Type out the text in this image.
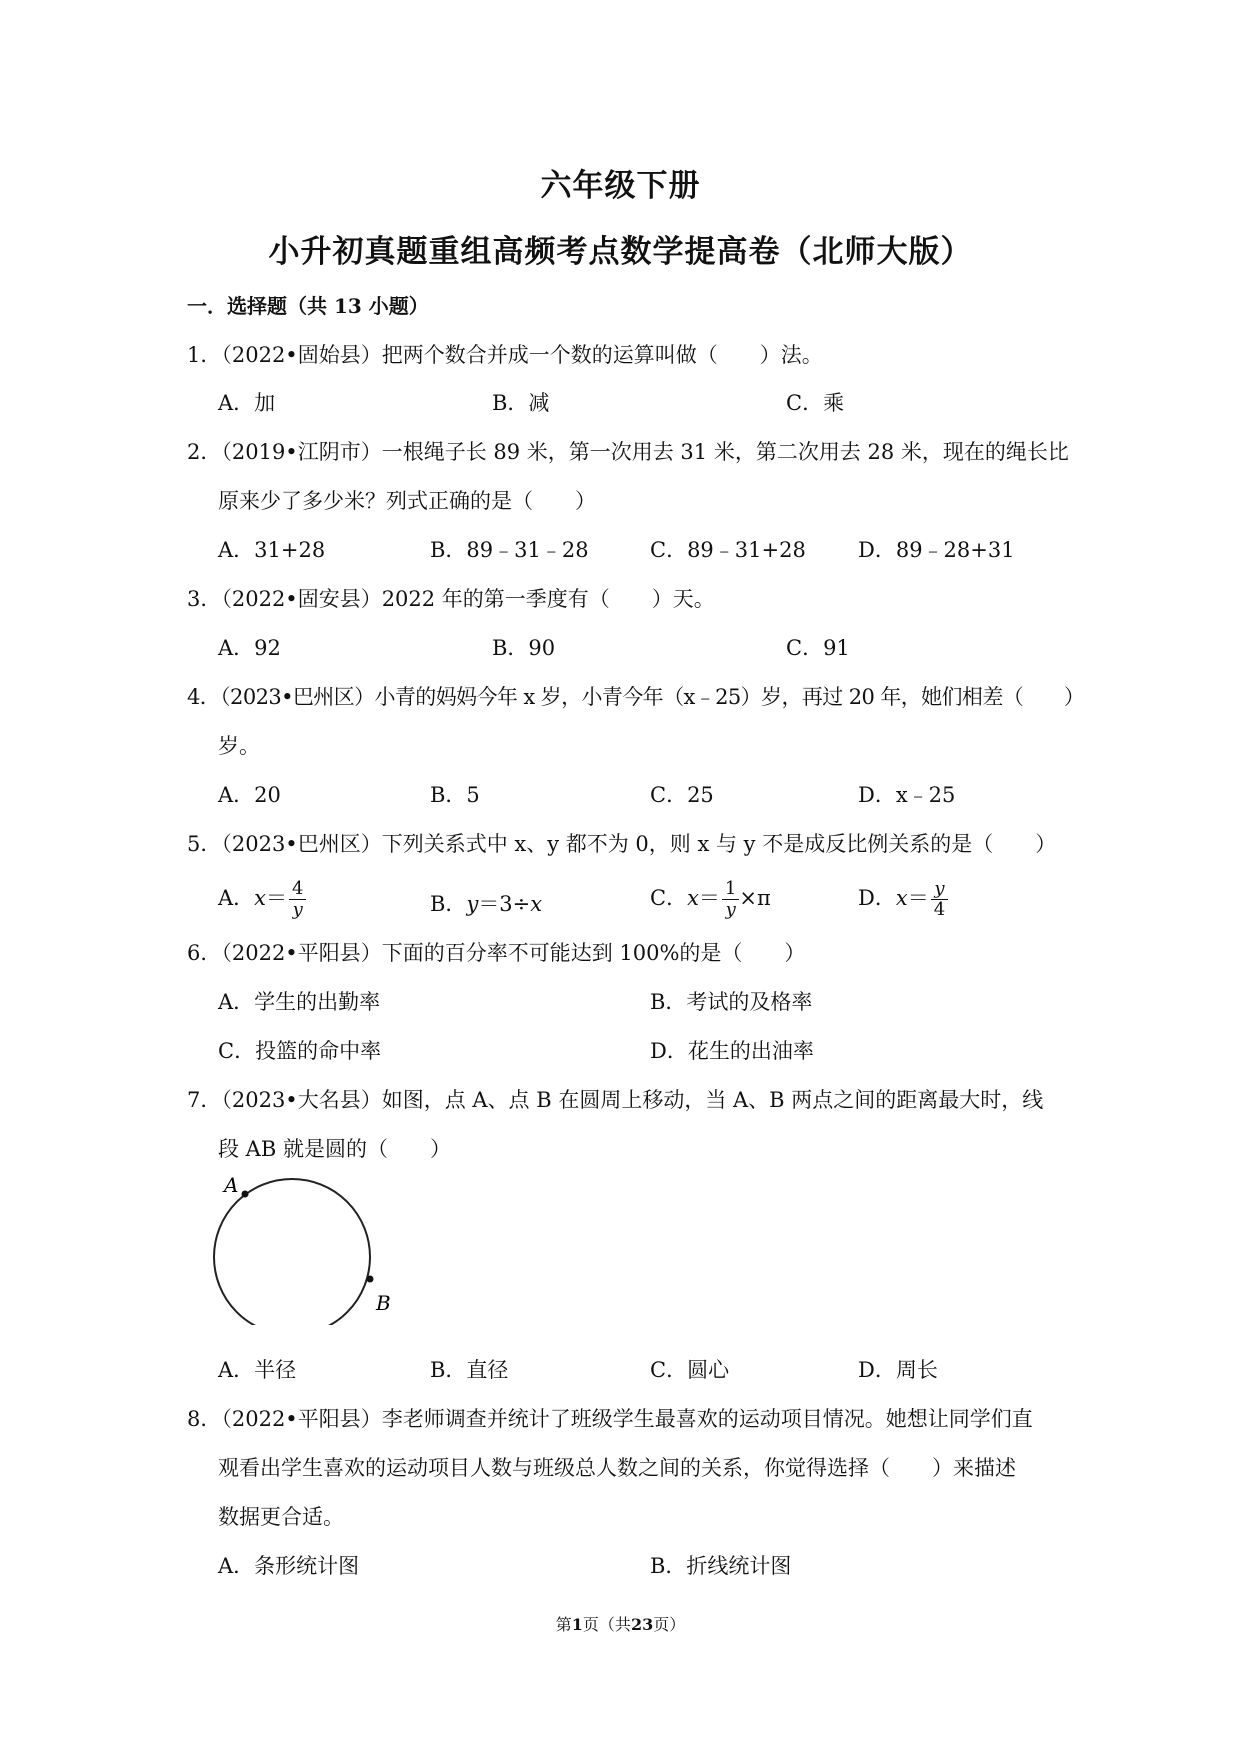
六年级下册
小升初真题重组高频考点数学提高卷（北师大版）
一．选择题（共 13 小题）
1．（2022•固始县）把两个数合并成一个数的运算叫做（　　）法。
A．加	B．减	C．乘
2．（2019•江阴市）一根绳子长 89 米，第一次用去 31 米，第二次用去 28 米，现在的绳长比
原来少了多少米？列式正确的是（　　）
A．31+28	B．89﹣31﹣28	C．89﹣31+28 D．89﹣28+31
3．（2022•固安县）2022 年的第一季度有（　　）天。
A．92	B．90	C．91
4．（2023•巴州区）小青的妈妈今年 x 岁，小青今年（x﹣25）岁，再过 20 年，她们相差（　　）
岁。
A．20	B．5	C．25	D．x﹣25
5．（2023•巴州区）下列关系式中 x、y 都不为 0，则 x 与 y 不是成反比例关系的是（　　）
A．$x= \frac{4}{y}$	B．y＝3÷x	C．$x= \frac{1}{y} \times\pi$	D．$x= \frac{y}{4}$
6．（2022•平阳县）下面的百分率不可能达到 100%的是（　　）
A．学生的出勤率	B．考试的及格率
C．投篮的命中率	D．花生的出油率
7．（2023•大名县）如图，点 A、点 B 在圆周上移动，当 A、B 两点之间的距离最大时，线
段 AB 就是圆的（　　）
A
B
A．半径	B．直径	C．圆心	D．周长
8．（2022•平阳县）李老师调查并统计了班级学生最喜欢的运动项目情况。她想让同学们直
观看出学生喜欢的运动项目人数与班级总人数之间的关系，你觉得选择（　　）来描述
数据更合适。
A．条形统计图	B．折线统计图
第1页（共23页）
